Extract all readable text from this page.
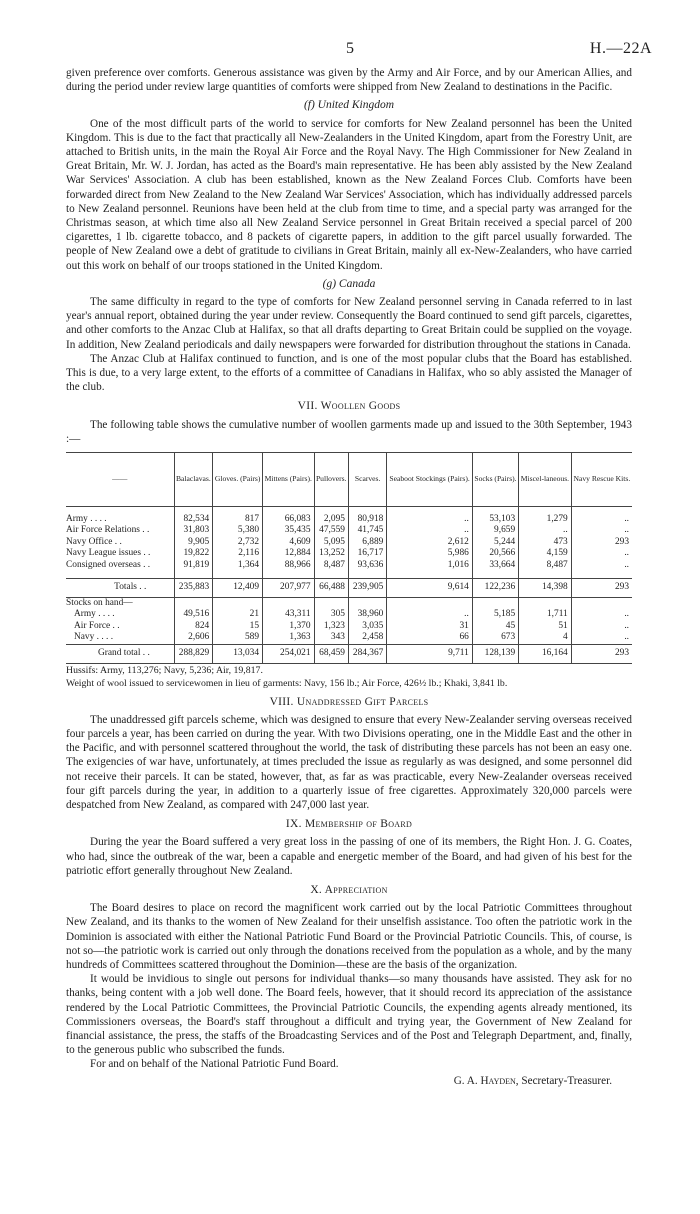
5	H.—22A

given preference over comforts. Generous assistance was given by the Army and Air Force, and by our American Allies, and during the period under review large quantities of comforts were shipped from New Zealand to destinations in the Pacific.

(f) United Kingdom

One of the most difficult parts of the world to service for comforts for New Zealand personnel has been the United Kingdom. This is due to the fact that practically all New-Zealanders in the United Kingdom, apart from the Forestry Unit, are attached to British units, in the main the Royal Air Force and the Royal Navy. The High Commissioner for New Zealand in Great Britain, Mr. W. J. Jordan, has acted as the Board's main representative. He has been ably assisted by the New Zealand War Services' Association. A club has been established, known as the New Zealand Forces Club. Comforts have been forwarded direct from New Zealand to the New Zealand War Services' Association, which has individually addressed parcels to New Zealand personnel. Reunions have been held at the club from time to time, and a special party was arranged for the Christmas season, at which time also all New Zealand Service personnel in Great Britain received a special parcel of 200 cigarettes, 1 lb. cigarette tobacco, and 8 packets of cigarette papers, in addition to the gift parcel usually forwarded. The people of New Zealand owe a debt of gratitude to civilians in Great Britain, mainly all ex-New-Zealanders, who have carried out this work on behalf of our troops stationed in the United Kingdom.

(g) Canada

The same difficulty in regard to the type of comforts for New Zealand personnel serving in Canada referred to in last year's annual report, obtained during the year under review. Consequently the Board continued to send gift parcels, cigarettes, and other comforts to the Anzac Club at Halifax, so that all drafts departing to Great Britain could be supplied on the voyage. In addition, New Zealand periodicals and daily newspapers were forwarded for distribution throughout the stations in Canada.

The Anzac Club at Halifax continued to function, and is one of the most popular clubs that the Board has established. This is due, to a very large extent, to the efforts of a committee of Canadians in Halifax, who so ably assisted the Manager of the club.

VII. Woollen Goods

The following table shows the cumulative number of woollen garments made up and issued to the 30th September, 1943 :—

——	Balaclavas.	Gloves. (Pairs)	Mittens (Pairs).	Pullovers.	Scarves.	Seaboot Stockings (Pairs).	Socks (Pairs).	Miscel-laneous.	Navy Rescue Kits.

Army . . . .	82,534	817	66,083	2,095	80,918	..	53,103	1,279	..
Air Force Relations . .	31,803	5,380	35,435	47,559	41,745	..	9,659	..	..
Navy Office . .	9,905	2,732	4,609	5,095	6,889	2,612	5,244	473	293
Navy League issues . .	19,822	2,116	12,884	13,252	16,717	5,986	20,566	4,159	..
Consigned overseas . .	91,819	1,364	88,966	8,487	93,636	1,016	33,664	8,487	..

Totals . .	235,883	12,409	207,977	66,488	239,905	9,614	122,236	14,398	293
Stocks on hand—									
Army . . . .	49,516	21	43,311	305	38,960	..	5,185	1,711	..
Air Force . .	824	15	1,370	1,323	3,035	31	45	51	..
Navy . . . .	2,606	589	1,363	343	2,458	66	673	4	..
Grand total . .	288,829	13,034	254,021	68,459	284,367	9,711	128,139	16,164	293
Hussifs: Army, 113,276; Navy, 5,236; Air, 19,817.
Weight of wool issued to servicewomen in lieu of garments: Navy, 156 lb.; Air Force, 426½ lb.; Khaki, 3,841 lb.
VIII. Unaddressed Gift Parcels

The unaddressed gift parcels scheme, which was designed to ensure that every New-Zealander serving overseas received four parcels a year, has been carried on during the year. With two Divisions operating, one in the Middle East and the other in the Pacific, and with personnel scattered throughout the world, the task of distributing these parcels has not been an easy one. The exigencies of war have, unfortunately, at times precluded the issue as regularly as was designed, and some personnel did not receive their parcels. It can be stated, however, that, as far as was practicable, every New-Zealander overseas received four gift parcels during the year, in addition to a quarterly issue of free cigarettes. Approximately 320,000 parcels were despatched from New Zealand, as compared with 247,000 last year.

IX. Membership of Board

During the year the Board suffered a very great loss in the passing of one of its members, the Right Hon. J. G. Coates, who had, since the outbreak of the war, been a capable and energetic member of the Board, and had given of his best for the patriotic effort generally throughout New Zealand.

X. Appreciation

The Board desires to place on record the magnificent work carried out by the local Patriotic Committees throughout New Zealand, and its thanks to the women of New Zealand for their unselfish assistance. Too often the patriotic work in the Dominion is associated with either the National Patriotic Fund Board or the Provincial Patriotic Councils. This, of course, is not so—the patriotic work is carried out only through the donations received from the population as a whole, and by the many hundreds of Committees scattered throughout the Dominion—these are the basis of the organization.

It would be invidious to single out persons for individual thanks—so many thousands have assisted. They ask for no thanks, being content with a job well done. The Board feels, however, that it should record its appreciation of the assistance rendered by the Local Patriotic Committees, the Provincial Patriotic Councils, the expending agents already mentioned, its Commissioners overseas, the Board's staff throughout a difficult and trying year, the Government of New Zealand for financial assistance, the press, the staffs of the Broadcasting Services and of the Post and Telegraph Department, and, finally, to the generous public who subscribed the funds.

For and on behalf of the National Patriotic Fund Board.

G. A. Hayden, Secretary-Treasurer.
